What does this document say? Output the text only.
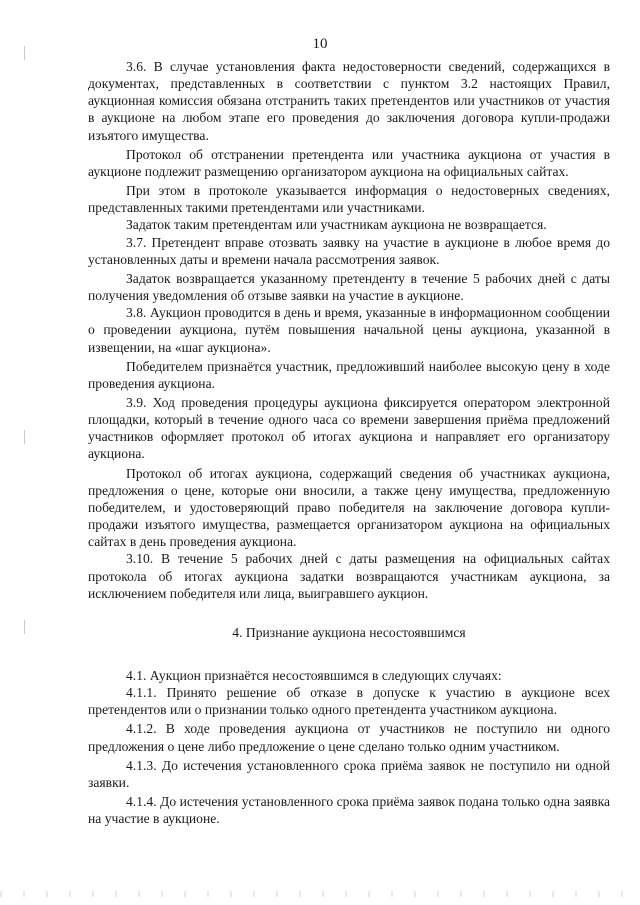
10

3.6. В случае установления факта недостоверности сведений, содержащихся в документах, представленных в соответствии с пунктом 3.2 настоящих Правил, аукционная комиссия обязана отстранить таких претендентов или участников от участия в аукционе на любом этапе его проведения до заключения договора купли-продажи изъятого имущества.

Протокол об отстранении претендента или участника аукциона от участия в аукционе подлежит размещению организатором аукциона на официальных сайтах.

При этом в протоколе указывается информация о недостоверных сведениях, представленных такими претендентами или участниками.

Задаток таким претендентам или участникам аукциона не возвращается.

3.7. Претендент вправе отозвать заявку на участие в аукционе в любое время до установленных даты и времени начала рассмотрения заявок.

Задаток возвращается указанному претенденту в течение 5 рабочих дней с даты получения уведомления об отзыве заявки на участие в аукционе.

3.8. Аукцион проводится в день и время, указанные в информационном сообщении о проведении аукциона, путём повышения начальной цены аукциона, указанной в извещении, на «шаг аукциона».

Победителем признаётся участник, предложивший наиболее высокую цену в ходе проведения аукциона.

3.9. Ход проведения процедуры аукциона фиксируется оператором электронной площадки, который в течение одного часа со времени завершения приёма предложений участников оформляет протокол об итогах аукциона и направляет его организатору аукциона.

Протокол об итогах аукциона, содержащий сведения об участниках аукциона, предложения о цене, которые они вносили, а также цену имущества, предложенную победителем, и удостоверяющий право победителя на заключение договора купли-продажи изъятого имущества, размещается организатором аукциона на официальных сайтах в день проведения аукциона.

3.10. В течение 5 рабочих дней с даты размещения на официальных сайтах протокола об итогах аукциона задатки возвращаются участникам аукциона, за исключением победителя или лица, выигравшего аукцион.

4. Признание аукциона несостоявшимся

4.1. Аукцион признаётся несостоявшимся в следующих случаях:

4.1.1. Принято решение об отказе в допуске к участию в аукционе всех претендентов или о признании только одного претендента участником аукциона.

4.1.2. В ходе проведения аукциона от участников не поступило ни одного предложения о цене либо предложение о цене сделано только одним участником.

4.1.3. До истечения установленного срока приёма заявок не поступило ни одной заявки.

4.1.4. До истечения установленного срока приёма заявок подана только одна заявка на участие в аукционе.
